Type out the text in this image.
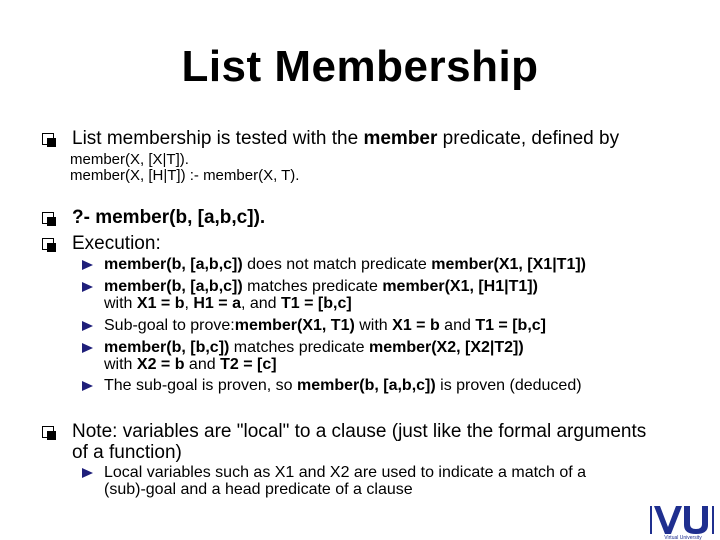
List Membership
List membership is tested with the member predicate, defined by
member(X, [X|T]).
member(X, [H|T]) :- member(X, T).
?- member(b, [a,b,c]).
Execution:
member(b, [a,b,c]) does not match predicate member(X1, [X1|T1])
member(b, [a,b,c]) matches predicate member(X1, [H1|T1])
with X1 = b, H1 = a, and T1 = [b,c]
Sub-goal to prove:member(X1, T1) with X1 = b and T1 = [b,c]
member(b, [b,c]) matches predicate member(X2, [X2|T2])
with X2 = b and T2 = [c]
The sub-goal is proven, so member(b, [a,b,c]) is proven (deduced)
Note: variables are "local" to a clause (just like the formal arguments
of a function)
Local variables such as X1 and X2 are used to indicate a match of a
(sub)-goal and a head predicate of a clause
Virtual University
